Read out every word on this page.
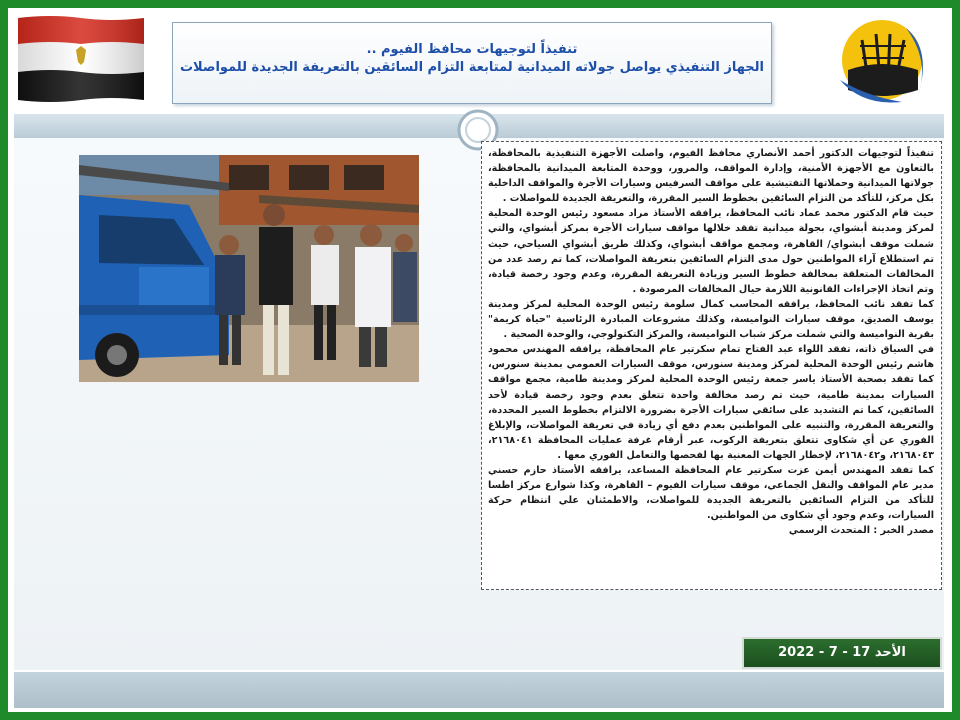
تنفيذاً لتوجيهات محافظ الفيوم ..
الجهاز التنفيذي يواصل جولاته الميدانية لمتابعة التزام السائقين بالتعريفة الجديدة للمواصلات

تنفيذاً لتوجيهات الدكتور أحمد الأنصاري محافظ الفيوم، واصلت الأجهزة التنفيذية بالمحافظة، بالتعاون مع الأجهزة الأمنية، وإدارة المواقف، والمرور، ووحدة المتابعة الميدانية بالمحافظة، جولاتها الميدانية وحملاتها التفتيشية على مواقف السرفيس وسيارات الأجرة والمواقف الداخلية بكل مركز، للتأكد من التزام السائقين بخطوط السير المقررة، والتعريفة الجديدة للمواصلات .

حيث قام الدكتور محمد عماد نائب المحافظ، يرافقه الأستاذ مراد مسعود رئيس الوحدة المحلية لمركز ومدينة أبشواي، بجولة ميدانية تفقد خلالها مواقف سيارات الأجرة بمركز أبشواي، والتي شملت موقف أبشواي/ القاهرة، ومجمع مواقف أبشواي، وكذلك طريق أبشواي السياحي، حيث تم استطلاع آراء المواطنين حول مدى التزام السائقين بتعريفة المواصلات، كما تم رصد عدد من المخالفات المتعلقة بمخالفة خطوط السير وزيادة التعريفة المقررة، وعدم وجود رخصة قيادة، وتم اتخاذ الإجراءات القانونية اللازمة حيال المخالفات المرصودة .

كما تفقد نائب المحافظ، يرافقه المحاسب كمال سلومة رئيس الوحدة المحلية لمركز ومدينة يوسف الصديق، موقف سيارات النواميسة، وكذلك مشروعات المبادرة الرئاسية "حياة كريمة" بقرية النواميسة والتي شملت مركز شباب النواميسة، والمركز التكنولوجي، والوحدة الصحية .

في السياق ذاته، تفقد اللواء عبد الفتاح تمام سكرتير عام المحافظة، يرافقه المهندس محمود هاشم رئيس الوحدة المحلية لمركز ومدينة سنورس، موقف السيارات العمومي بمدينة سنورس، كما تفقد بصحبة الأستاذ ياسر جمعة رئيس الوحدة المحلية لمركز ومدينة طامية، مجمع مواقف السيارات بمدينة طامية، حيث تم رصد مخالفة واحدة تتعلق بعدم وجود رخصة قيادة لأحد السائقين، كما تم التشديد على سائقي سيارات الأجرة بضرورة الالتزام بخطوط السير المحددة، والتعريفة المقررة، والتنبيه على المواطنين بعدم دفع أي زيادة في تعريفة المواصلات، والإبلاغ الفوري عن أي شكاوى تتعلق بتعريفة الركوب، عبر أرقام غرفة عمليات المحافظة ٢١٦٨٠٤١، ٢١٦٨٠٤٣، و٢١٦٨٠٤٢، لإخطار الجهات المعنية بها لفحصها والتعامل الفوري معها .

كما تفقد المهندس أيمن عزت سكرتير عام المحافظة المساعد، يرافقه الأستاذ حازم حسني مدير عام المواقف والنقل الجماعي، موقف سيارات الفيوم – القاهرة، وكذا شوارع مركز اطسا للتأكد من التزام السائقين بالتعريفة الجديدة للمواصلات، والاطمئنان علي انتظام حركة السيارات، وعدم وجود أي شكاوى من المواطنين.

مصدر الخبر : المتحدث الرسمي

الأحد 17 - 7 - 2022
